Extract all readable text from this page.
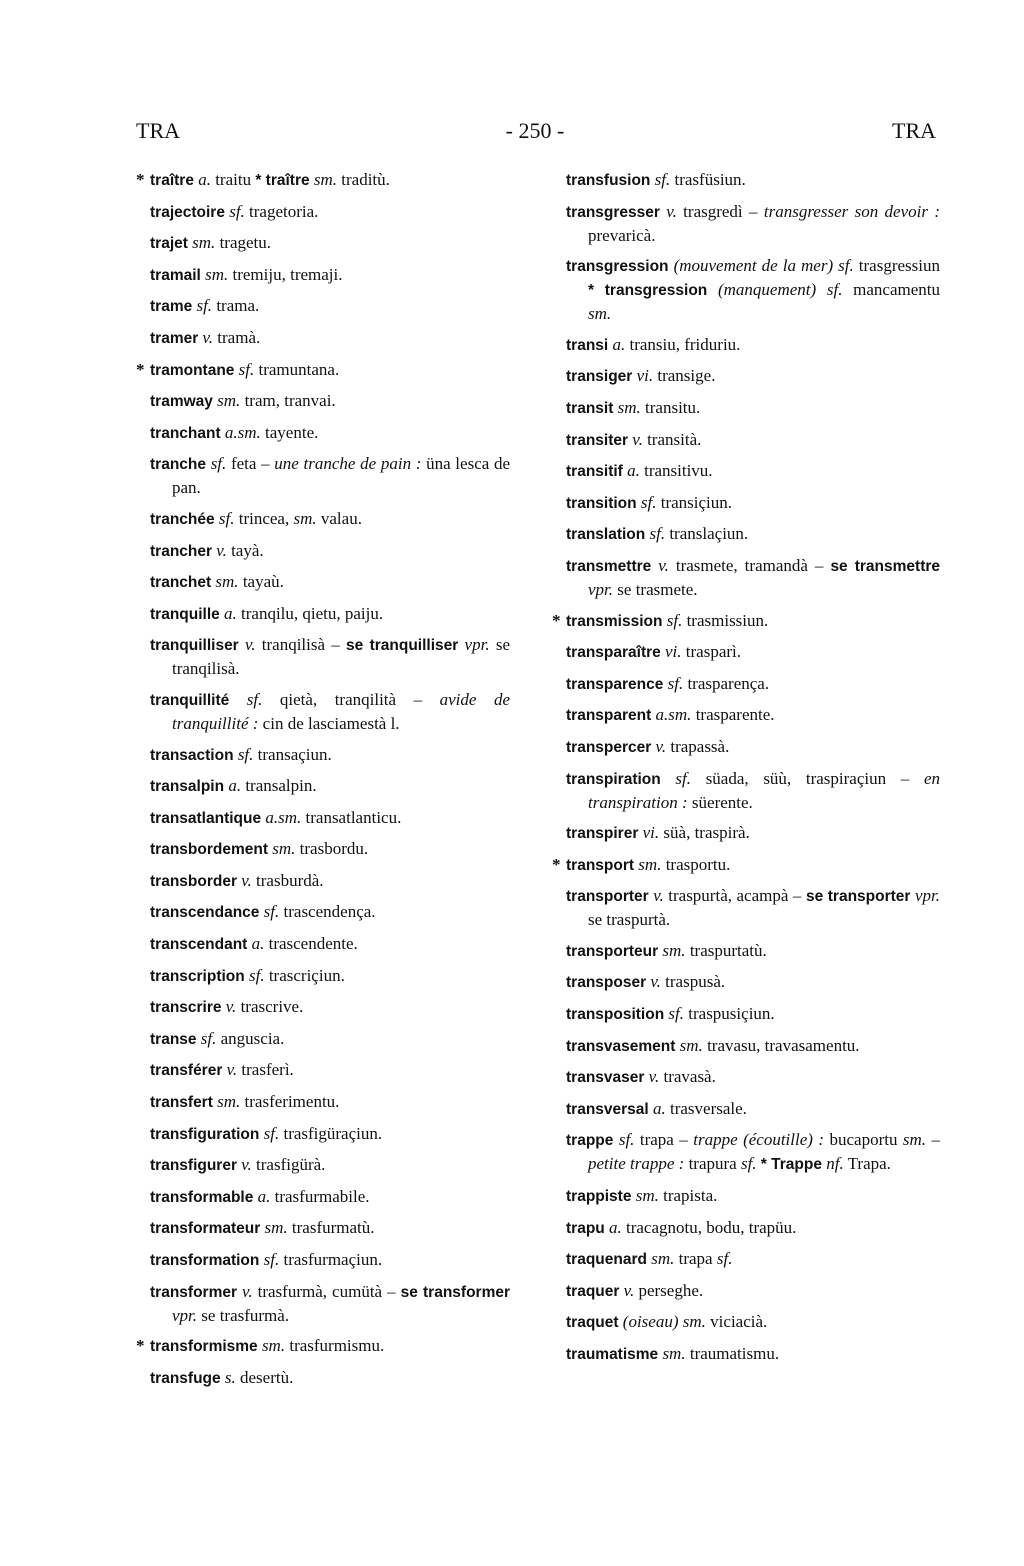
TRA	- 250 -	TRA
* traître a. traitu * traître sm. traditù.
trajectoire sf. tragetoria.
trajet sm. tragetu.
tramail sm. tremiju, tremaji.
trame sf. trama.
tramer v. tramà.
* tramontane sf. tramuntana.
tramway sm. tram, tranvai.
tranchant a.sm. tayente.
tranche sf. feta – une tranche de pain : üna lesca de pan.
tranchée sf. trincea, sm. valau.
trancher v. tayà.
tranchet sm. tayaù.
tranquille a. tranqilu, qietu, paiju.
tranquilliser v. tranqilisà – se tranquilliser vpr. se tranqilisà.
tranquillité sf. qietà, tranqilità – avide de tranquillité : cin de lasciamestà l.
transaction sf. transaçiun.
transalpin a. transalpin.
transatlantique a.sm. transatlanticu.
transbordement sm. trasbordu.
transborder v. trasburdà.
transcendance sf. trascendença.
transcendant a. trascendente.
transcription sf. trascriçiun.
transcrire v. trascrive.
transe sf. anguscia.
transférer v. trasferì.
transfert sm. trasferimentu.
transfiguration sf. trasfigüraçiun.
transfigurer v. trasfigürà.
transformable a. trasfurmabile.
transformateur sm. trasfurmatù.
transformation sf. trasfurmaçiun.
transformer v. trasfurmà, cumütà – se transformer vpr. se trasfurmà.
* transformisme sm. trasfurmismu.
transfuge s. desertù.
transfusion sf. trasfüsiun.
transgresser v. trasgredì – transgresser son devoir : prevaricà.
transgression (mouvement de la mer) sf. trasgressiun * transgression (manquement) sf. mancamentu sm.
transi a. transiu, friduriu.
transiger vi. transige.
transit sm. transitu.
transiter v. transità.
transitif a. transitivu.
transition sf. transiçiun.
translation sf. translaçiun.
transmettre v. trasmete, tramandà – se transmettre vpr. se trasmete.
* transmission sf. trasmissiun.
transparaître vi. trasparì.
transparence sf. trasparença.
transparent a.sm. trasparente.
transpercer v. trapassà.
transpiration sf. süada, süù, traspiraçiun – en transpiration : süerente.
transpirer vi. süà, traspirà.
* transport sm. trasportu.
transporter v. traspurtà, acampà – se transporter vpr. se traspurtà.
transporteur sm. traspurtatù.
transposer v. traspusà.
transposition sf. traspusiçiun.
transvasement sm. travasu, travasamentu.
transvaser v. travasà.
transversal a. trasversale.
trappe sf. trapa – trappe (écoutille) : bucaportu sm. – petite trappe : trapura sf. * Trappe nf. Trapa.
trappiste sm. trapista.
trapu a. tracagnotu, bodu, trapüu.
traquenard sm. trapa sf.
traquer v. perseghe.
traquet (oiseau) sm. viciacià.
traumatisme sm. traumatismu.
